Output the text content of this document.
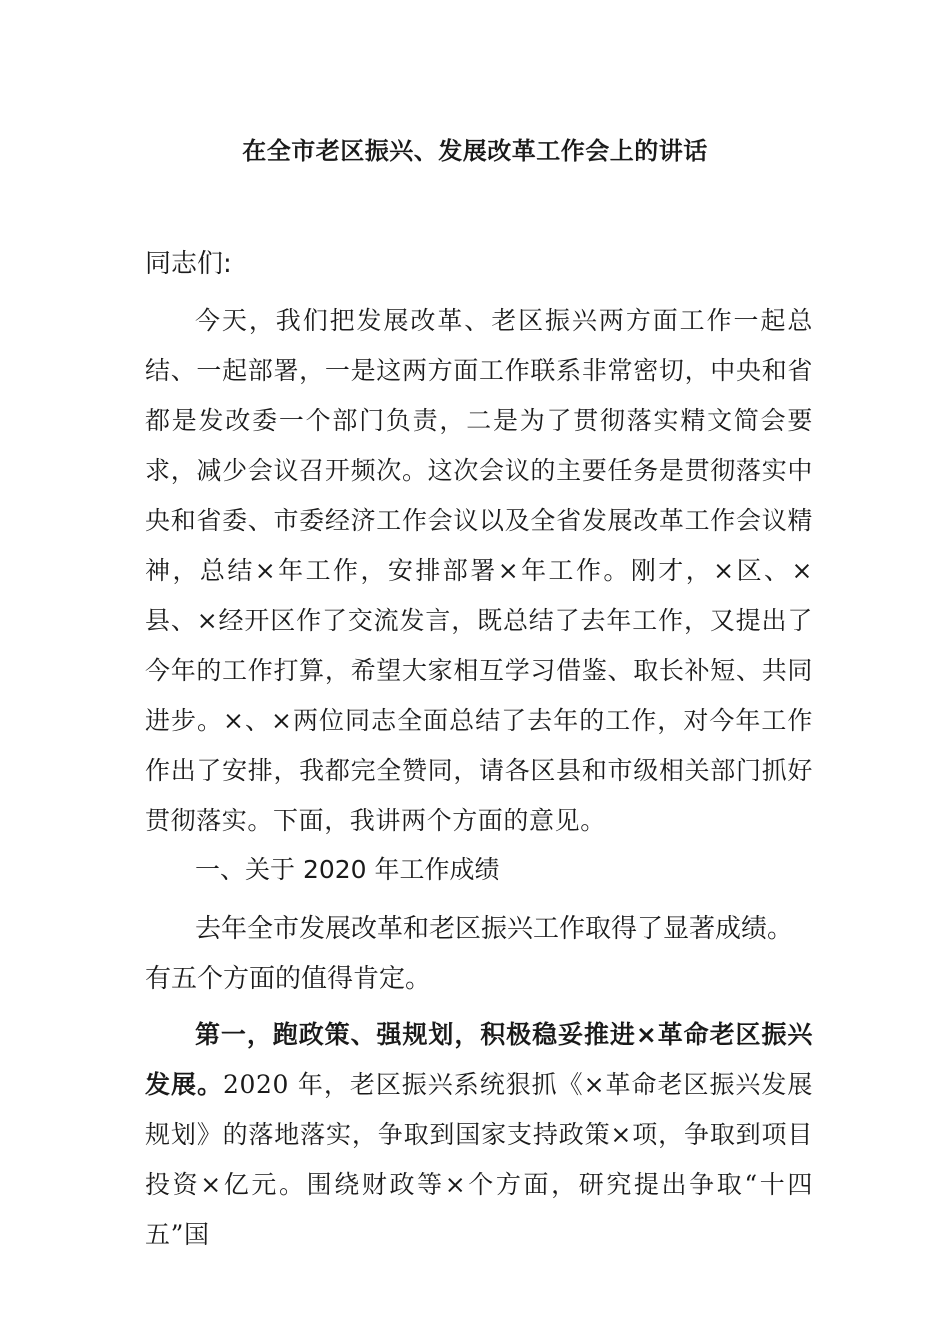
在全市老区振兴、发展改革工作会上的讲话
同志们:

今天，我们把发展改革、老区振兴两方面工作一起总结、一起部署，一是这两方面工作联系非常密切，中央和省都是发改委一个部门负责，二是为了贯彻落实精文简会要求，减少会议召开频次。这次会议的主要任务是贯彻落实中央和省委、市委经济工作会议以及全省发展改革工作会议精神，总结×年工作，安排部署×年工作。刚才，×区、×县、×经开区作了交流发言，既总结了去年工作，又提出了今年的工作打算，希望大家相互学习借鉴、取长补短、共同进步。×、×两位同志全面总结了去年的工作，对今年工作作出了安排，我都完全赞同，请各区县和市级相关部门抓好贯彻落实。下面，我讲两个方面的意见。

一、关于 2020 年工作成绩

去年全市发展改革和老区振兴工作取得了显著成绩。有五个方面的值得肯定。

第一，跑政策、强规划，积极稳妥推进×革命老区振兴发展。2020 年，老区振兴系统狠抓《×革命老区振兴发展规划》的落地落实，争取到国家支持政策×项，争取到项目投资×亿元。围绕财政等×个方面，研究提出争取“十四五”国
